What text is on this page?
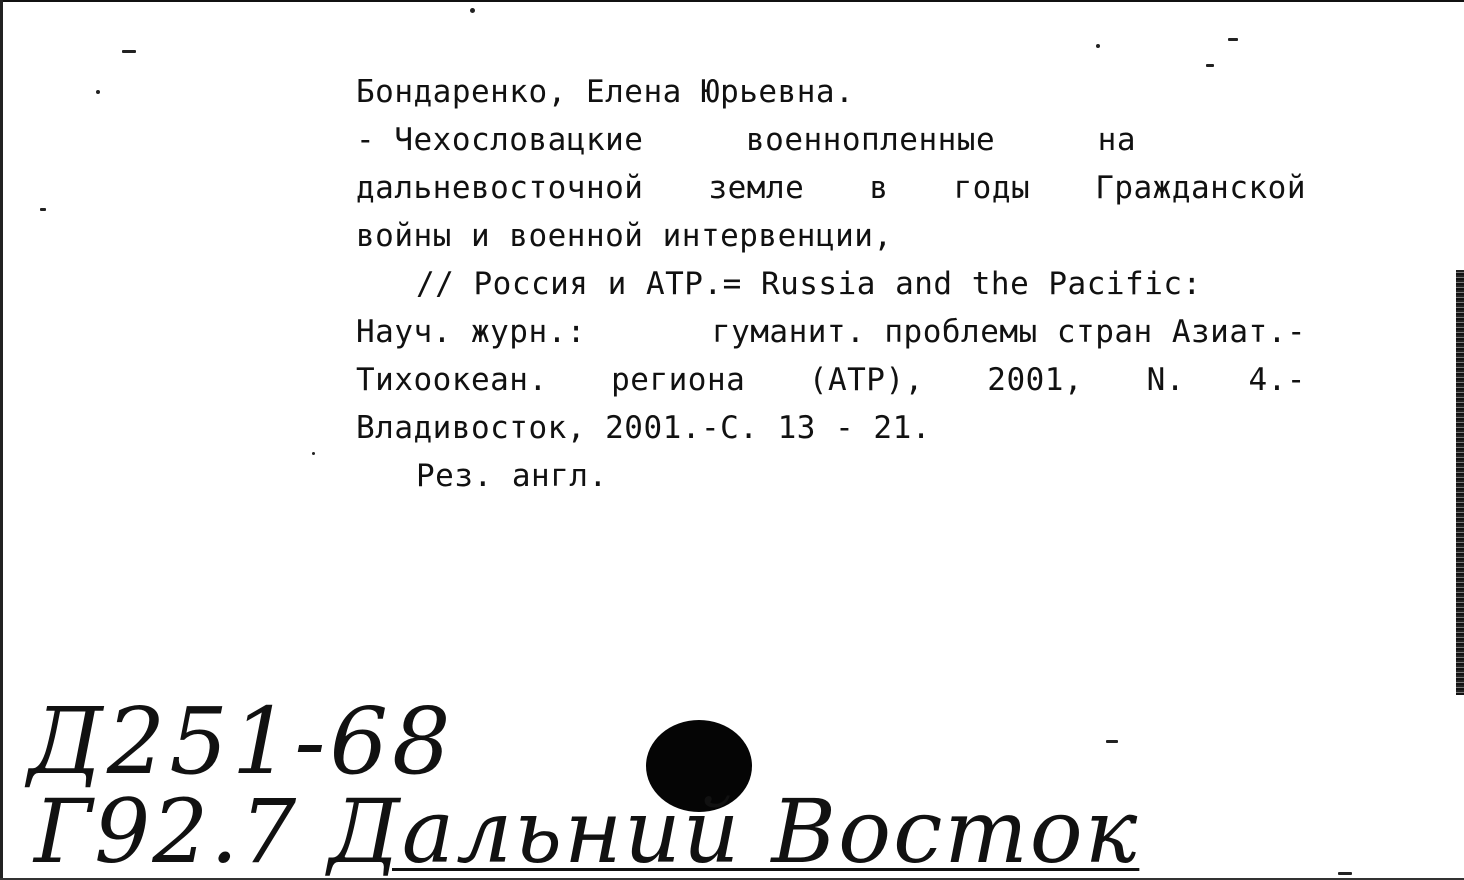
Бондаренко, Елена Юрьевна.
- Чехословацкие	военнопленные	на
дальневосточной земле в годы Гражданской
войны и военной интервенции,
// Россия и АТР.= Russia and the Pacific:
Науч. журн.:	гуманит. проблемы стран Азиат.-
Тихоокеан. региона (АТР), 2001, N. 4.-
Владивосток, 2001.-С. 13 - 21.
Рез. англ.
Д251-68
Г92.7 Дальний Восток
